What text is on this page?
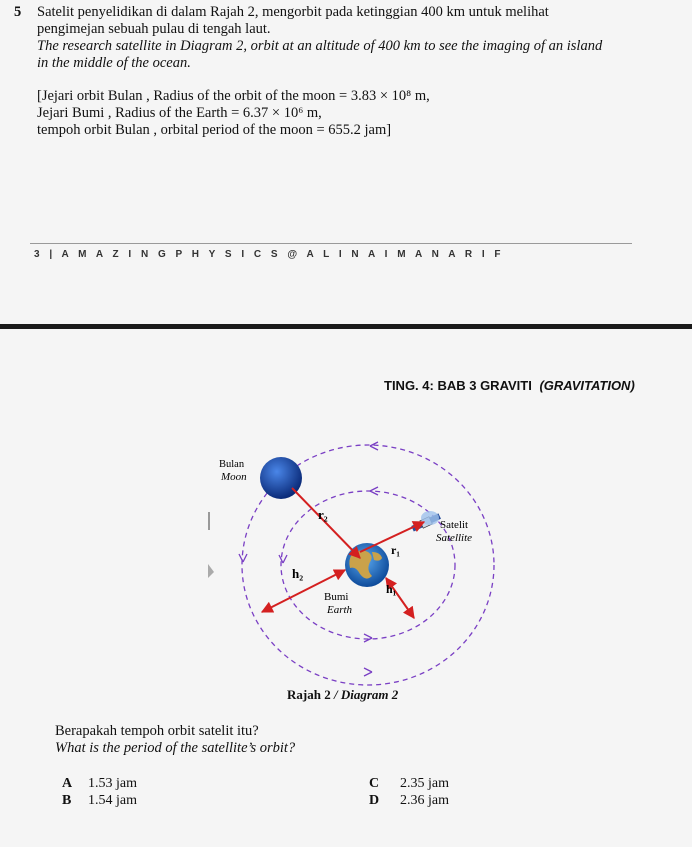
5 Satelit penyelidikan di dalam Rajah 2, mengorbit pada ketinggian 400 km untuk melihat
pengimejan sebuah pulau di tengah laut.
The research satellite in Diagram 2, orbit at an altitude of 400 km to see the imaging of an island
in the middle of the ocean.
[Jejari orbit Bulan , Radius of the orbit of the moon = 3.83 × 10⁸ m,
Jejari Bumi , Radius of the Earth = 6.37 × 10⁶ m,
tempoh orbit Bulan , orbital period of the moon = 655.2 jam]
3 | A M A Z I N G P H Y S I C S @ A L I N A I M A N A R I F
TING. 4: BAB 3 GRAVITI (GRAVITATION)
Bulan
Moon
r₂
Satelit
Satellite
r₁
h₂
h₁
Bumi
Earth
Rajah 2 / Diagram 2
Berapakah tempoh orbit satelit itu?
What is the period of the satellite’s orbit?
A 1.53 jam
B 1.54 jam
C 2.35 jam
D 2.36 jam
